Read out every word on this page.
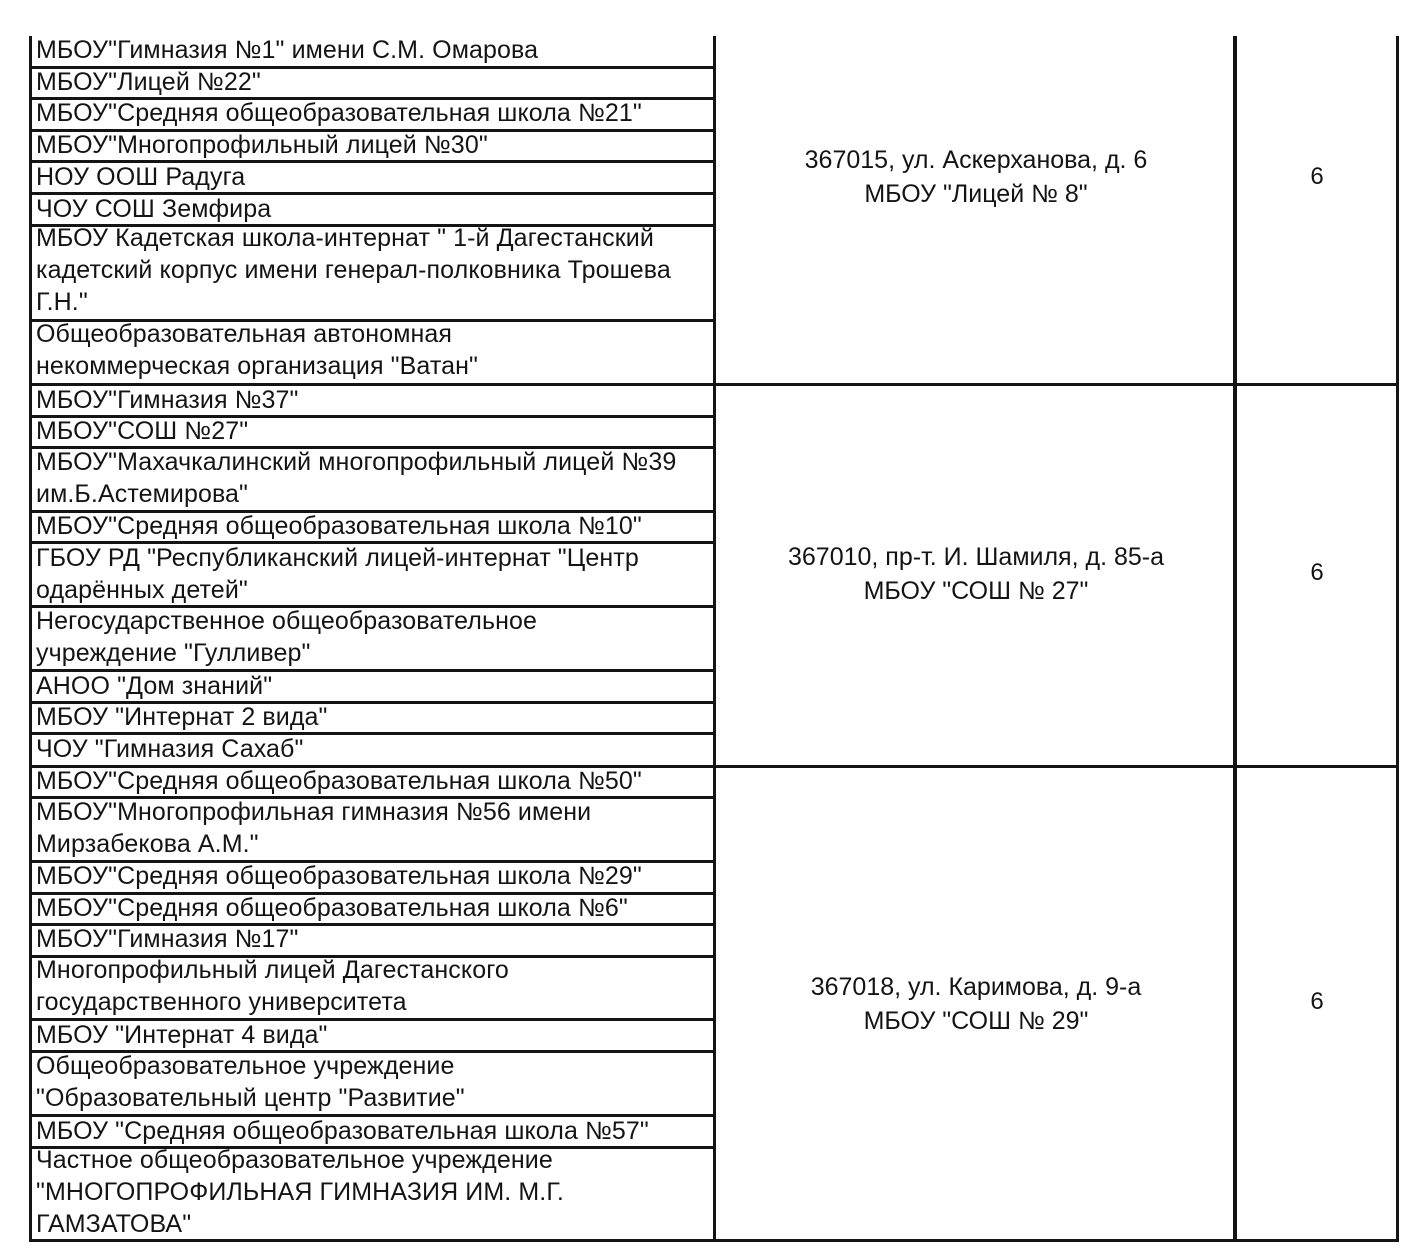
МБОУ"Гимназия №1" имени С.М. Омарова
МБОУ"Лицей №22"
МБОУ"Средняя общеобразовательная школа №21"
МБОУ"Многопрофильный лицей №30"
НОУ ООШ Радуга
ЧОУ СОШ Земфира
МБОУ Кадетская школа-интернат " 1-й Дагестанский кадетский корпус имени генерал-полковника Трошева Г.Н."
Общеобразовательная автономная некоммерческая организация "Ватан"
367015, ул. Аскерханова, д. 6
МБОУ "Лицей № 8"
6
МБОУ"Гимназия №37"
МБОУ"СОШ №27"
МБОУ"Махачкалинский многопрофильный лицей №39 им.Б.Астемирова"
МБОУ"Средняя общеобразовательная школа №10"
ГБОУ РД "Республиканский лицей-интернат "Центр одарённых детей"
Негосударственное общеобразовательное учреждение "Гулливер"
АНОО "Дом знаний"
МБОУ "Интернат 2 вида"
ЧОУ "Гимназия Сахаб"
367010, пр-т. И. Шамиля, д. 85-а
МБОУ "СОШ № 27"
6
МБОУ"Средняя общеобразовательная школа №50"
МБОУ"Многопрофильная гимназия №56 имени Мирзабекова А.М."
МБОУ"Средняя общеобразовательная школа №29"
МБОУ"Средняя общеобразовательная школа №6"
МБОУ"Гимназия №17"
Многопрофильный лицей Дагестанского государственного университета
МБОУ "Интернат 4 вида"
Общеобразовательное учреждение "Образовательный центр "Развитие"
МБОУ "Средняя общеобразовательная школа №57"
Частное общеобразовательное учреждение "МНОГОПРОФИЛЬНАЯ ГИМНАЗИЯ ИМ. М.Г. ГАМЗАТОВА"
367018, ул. Каримова, д. 9-а
МБОУ "СОШ № 29"
6
